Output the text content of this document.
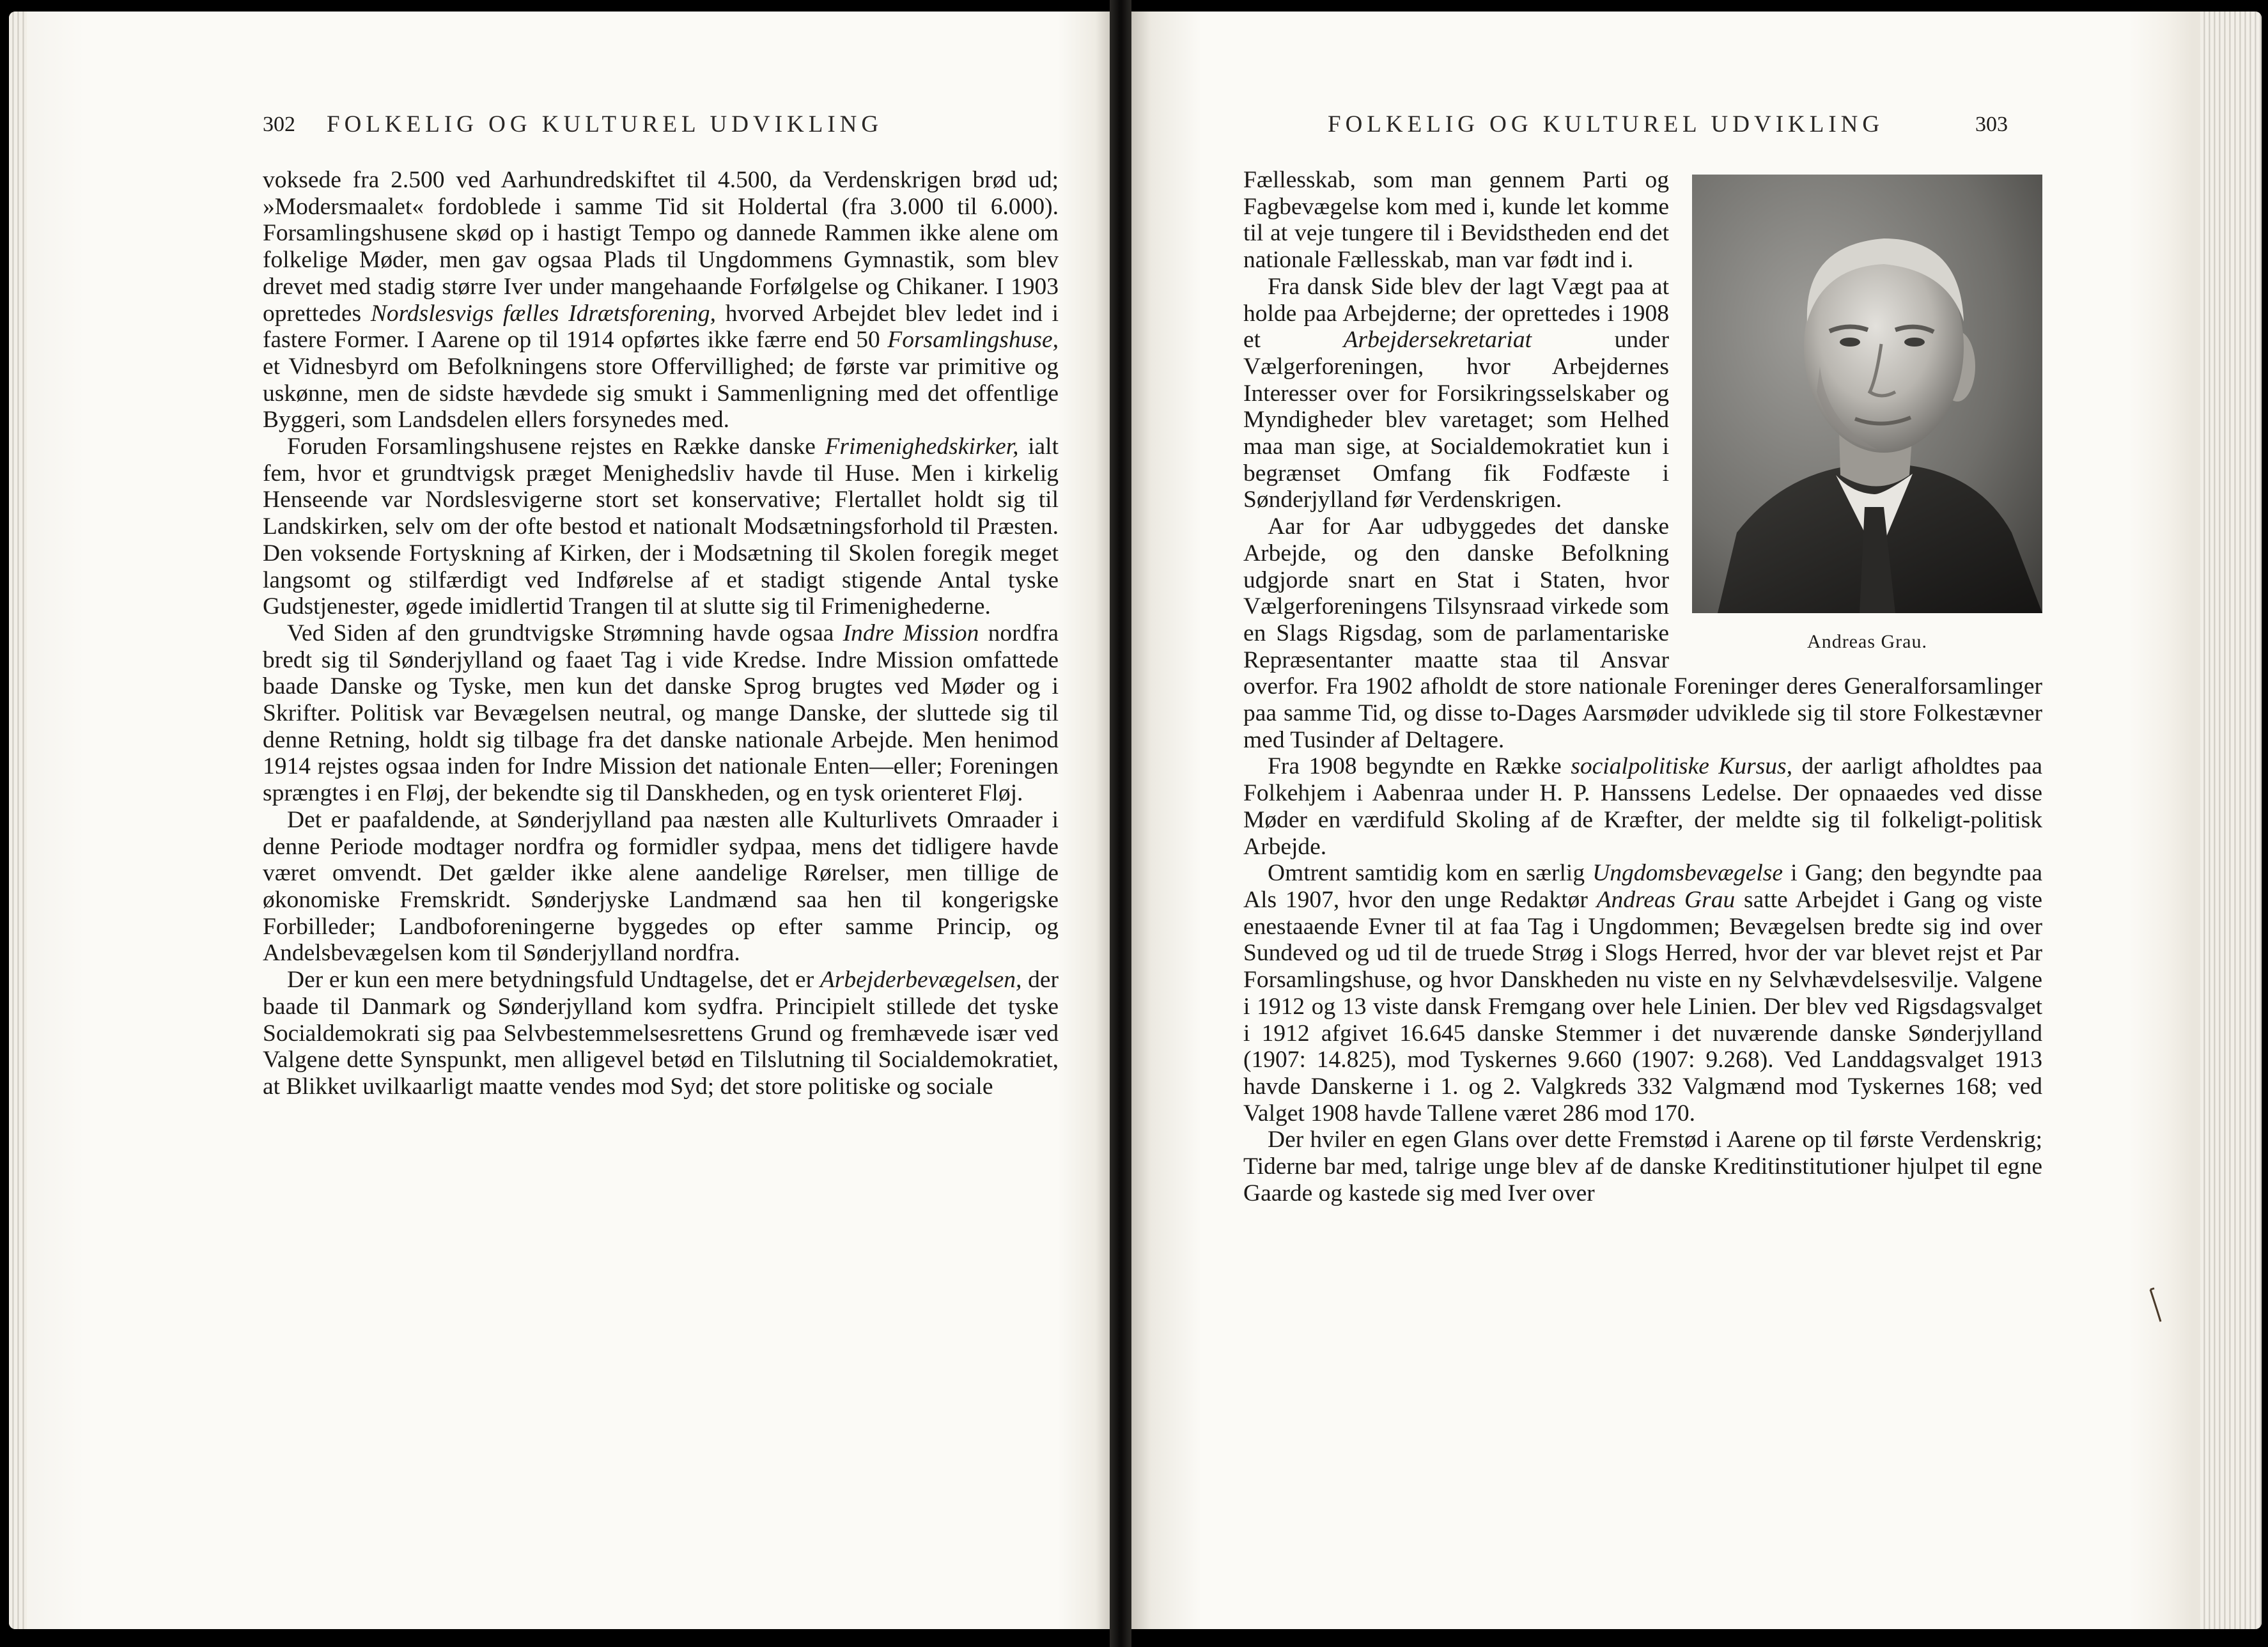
302 FOLKELIG OG KULTUREL UDVIKLING

voksede fra 2.500 ved Aarhundredskiftet til 4.500, da Verdenskrigen brød ud; »Modersmaalet« fordoblede i samme Tid sit Holdertal (fra 3.000 til 6.000). Forsamlingshusene skød op i hastigt Tempo og dannede Rammen ikke alene om folkelige Møder, men gav ogsaa Plads til Ungdommens Gymnastik, som blev drevet med stadig større Iver under mangehaande Forfølgelse og Chikaner. I 1903 oprettedes Nordslesvigs fælles Idrætsforening, hvorved Arbejdet blev ledet ind i fastere Former. I Aarene op til 1914 opførtes ikke færre end 50 Forsamlingshuse, et Vidnesbyrd om Befolkningens store Offervillighed; de første var primitive og uskønne, men de sidste hævdede sig smukt i Sammenligning med det offentlige Byggeri, som Landsdelen ellers forsynedes med.

Foruden Forsamlingshusene rejstes en Række danske Frimenighedskirker, ialt fem, hvor et grundtvigsk præget Menighedsliv havde til Huse. Men i kirkelig Henseende var Nordslesvigerne stort set konservative; Flertallet holdt sig til Landskirken, selv om der ofte bestod et nationalt Modsætningsforhold til Præsten. Den voksende Fortyskning af Kirken, der i Modsætning til Skolen foregik meget langsomt og stilfærdigt ved Indførelse af et stadigt stigende Antal tyske Gudstjenester, øgede imidlertid Trangen til at slutte sig til Frimenighederne.

Ved Siden af den grundtvigske Strømning havde ogsaa Indre Mission nordfra bredt sig til Sønderjylland og faaet Tag i vide Kredse. Indre Mission omfattede baade Danske og Tyske, men kun det danske Sprog brugtes ved Møder og i Skrifter. Politisk var Bevægelsen neutral, og mange Danske, der sluttede sig til denne Retning, holdt sig tilbage fra det danske nationale Arbejde. Men henimod 1914 rejstes ogsaa inden for Indre Mission det nationale Enten—eller; Foreningen sprængtes i en Fløj, der bekendte sig til Danskheden, og en tysk orienteret Fløj.

Det er paafaldende, at Sønderjylland paa næsten alle Kulturlivets Omraader i denne Periode modtager nordfra og formidler sydpaa, mens det tidligere havde været omvendt. Det gælder ikke alene aandelige Rørelser, men tillige de økonomiske Fremskridt. Sønderjyske Landmænd saa hen til kongerigske Forbilleder; Landboforeningerne byggedes op efter samme Princip, og Andelsbevægelsen kom til Sønderjylland nordfra.

Der er kun een mere betydningsfuld Undtagelse, det er Arbejderbevægelsen, der baade til Danmark og Sønderjylland kom sydfra. Principielt stillede det tyske Socialdemokrati sig paa Selvbestemmelsesrettens Grund og fremhævede især ved Valgene dette Synspunkt, men alligevel betød en Tilslutning til Socialdemokratiet, at Blikket uvilkaarligt maatte vendes mod Syd; det store politiske og sociale

FOLKELIG OG KULTUREL UDVIKLING	303
Andreas Grau.

Fællesskab, som man gennem Parti og Fagbevægelse kom med i, kunde let komme til at veje tungere til i Bevidstheden end det nationale Fællesskab, man var født ind i.

Fra dansk Side blev der lagt Vægt paa at holde paa Arbejderne; der oprettedes i 1908 et Arbejdersekretariat under Vælgerforeningen, hvor Arbejdernes Interesser over for Forsikringsselskaber og Myndigheder blev varetaget; som Helhed maa man sige, at Socialdemokratiet kun i begrænset Omfang fik Fodfæste i Sønderjylland før Verdenskrigen.

Aar for Aar udbyggedes det danske Arbejde, og den danske Befolkning udgjorde snart en Stat i Staten, hvor Vælgerforeningens Tilsynsraad virkede som en Slags Rigsdag, som de parlamentariske Repræsentanter maatte staa til Ansvar overfor. Fra 1902 afholdt de store nationale Foreninger deres Generalforsamlinger paa samme Tid, og disse to-Dages Aarsmøder udviklede sig til store Folkestævner med Tusinder af Deltagere.

Fra 1908 begyndte en Række socialpolitiske Kursus, der aarligt afholdtes paa Folkehjem i Aabenraa under H. P. Hanssens Ledelse. Der opnaaedes ved disse Møder en værdifuld Skoling af de Kræfter, der meldte sig til folkeligt-politisk Arbejde.

Omtrent samtidig kom en særlig Ungdomsbevægelse i Gang; den begyndte paa Als 1907, hvor den unge Redaktør Andreas Grau satte Arbejdet i Gang og viste enestaaende Evner til at faa Tag i Ungdommen; Bevægelsen bredte sig ind over Sundeved og ud til de truede Strøg i Slogs Herred, hvor der var blevet rejst et Par Forsamlingshuse, og hvor Danskheden nu viste en ny Selvhævdelsesvilje. Valgene i 1912 og 13 viste dansk Fremgang over hele Linien. Der blev ved Rigsdagsvalget i 1912 afgivet 16.645 danske Stemmer i det nuværende danske Sønderjylland (1907: 14.825), mod Tyskernes 9.660 (1907: 9.268). Ved Landdagsvalget 1913 havde Danskerne i 1. og 2. Valgkreds 332 Valgmænd mod Tyskernes 168; ved Valget 1908 havde Tallene været 286 mod 170.

Der hviler en egen Glans over dette Fremstød i Aarene op til første Verdenskrig; Tiderne bar med, talrige unge blev af de danske Kreditinstitutioner hjulpet til egne Gaarde og kastede sig med Iver over
